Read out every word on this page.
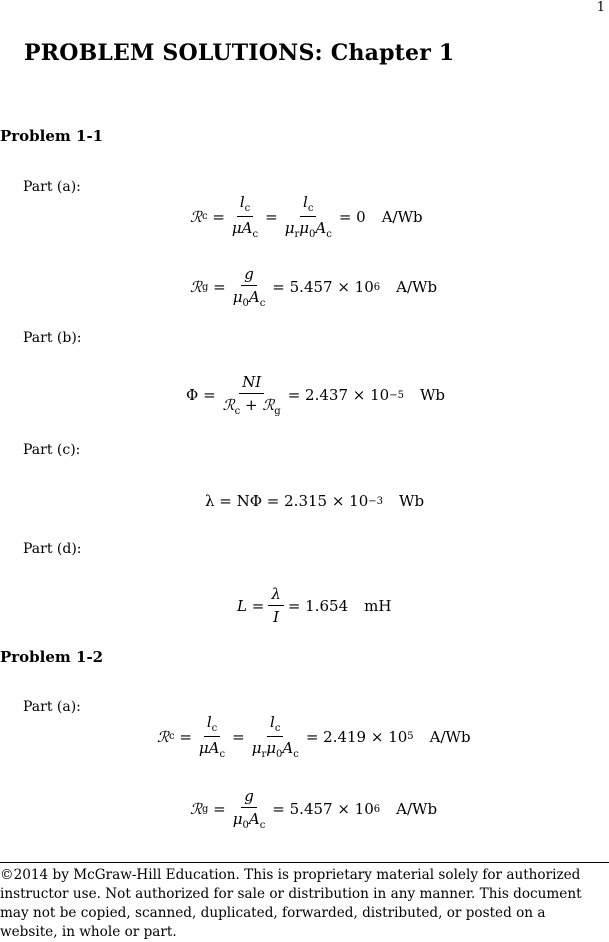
1
PROBLEM SOLUTIONS: Chapter 1
Problem 1-1
Part (a):
ℛ $c = \frac{l_c}{\mu A_c} = \frac{l_c}{\mu_r\mu_0A_c} = 0$ A/Wb
ℛ $g = \frac{g}{\mu_0A_c} = 5.457 \times 10$ 6 A/Wb
Part (b):
$\Phi = \frac{NI}{ℛ_c + ℛ_g} = 2.437 \times 10 -5$ Wb
Part (c):
λ = NΦ = 2.315 × 10 −3 Wb
Part (d):
$L = \frac{\lambda}{I} = 1.654$ mH
Problem 1-2
Part (a):
ℛ $c = \frac{l_c}{\mu A_c} = \frac{l_c}{\mu_r\mu_0A_c} = 2.419 \times 10$ 5 A/Wb
ℛ $g = \frac{g}{\mu_0A_c} = 5.457 \times 10$ 6 A/Wb
©2014 by McGraw-Hill Education. This is proprietary material solely for authorized instructor use. Not authorized for sale or distribution in any manner. This document may not be copied, scanned, duplicated, forwarded, distributed, or posted on a website, in whole or part.
